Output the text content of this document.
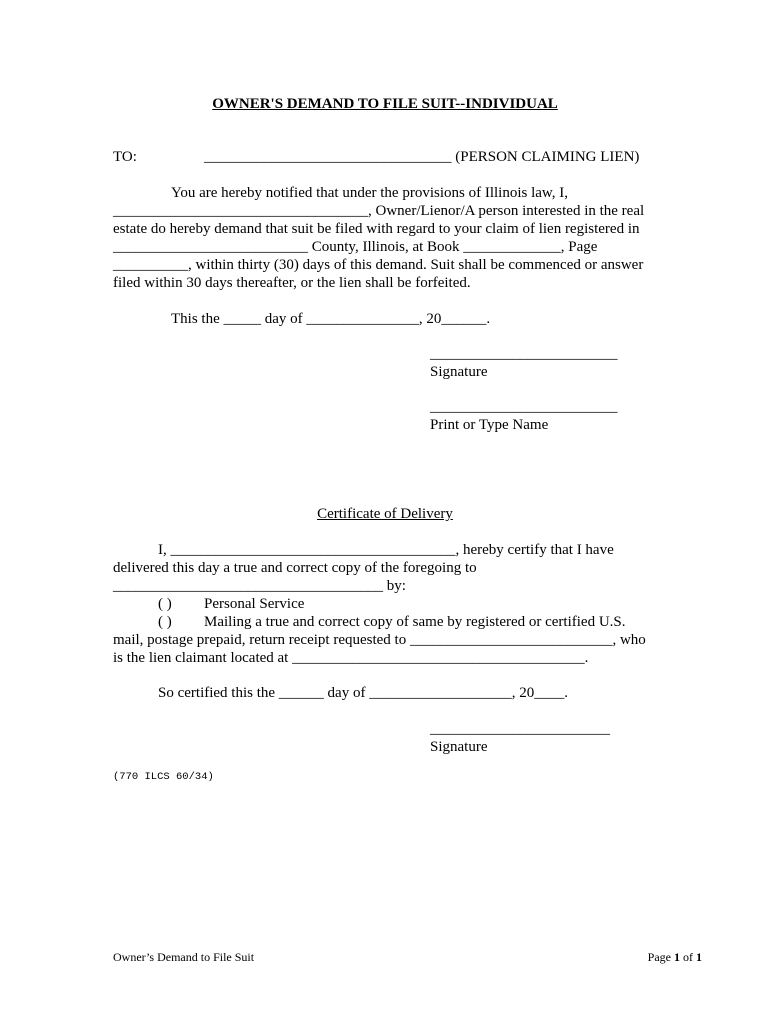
OWNER'S DEMAND TO FILE SUIT--INDIVIDUAL
TO:	_________________________________ (PERSON CLAIMING LIEN)
You are hereby notified that under the provisions of Illinois law, I,
__________________________________, Owner/Lienor/A person interested in the real
estate do hereby demand that suit be filed with regard to your claim of lien registered in
__________________________ County, Illinois, at Book _____________, Page
__________, within thirty (30) days of this demand. Suit shall be commenced or answer
filed within 30 days thereafter, or the lien shall be forfeited.
This the _____ day of _______________, 20______.
_________________________
Signature
_________________________
Print or Type Name
Certificate of Delivery
I, ______________________________________, hereby certify that I have
delivered this day a true and correct copy of the foregoing to
____________________________________ by:
( ) Personal Service
( ) Mailing a true and correct copy of same by registered or certified U.S.
mail, postage prepaid, return receipt requested to ___________________________, who
is the lien claimant located at _______________________________________.
So certified this the ______ day of ___________________, 20____.
________________________
Signature
(770 ILCS 60/34)
Owner’s Demand to File Suit	Page 1 of 1
